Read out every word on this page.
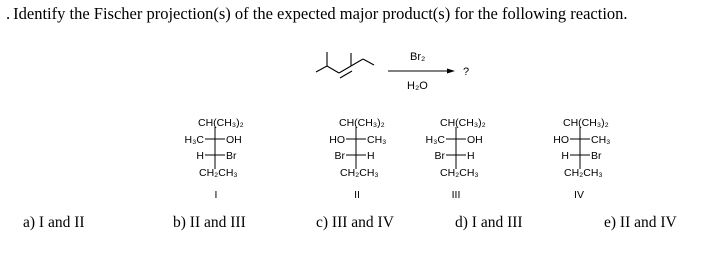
. Identify the Fischer projection(s) of the expected major product(s) for the following reaction.
Br₂
H₂O
?
CH(CH₃)₂
H₃C OH
H Br
CH₂CH₃
I
CH(CH₃)₂
HO CH₃
Br H
CH₂CH₃
II
CH(CH₃)₂
H₃C OH
Br H
CH₂CH₃
III
CH(CH₃)₂
HO CH₃
H Br
CH₂CH₃
IV
a) I and II	b) II and III	c) III and IV	d) I and III	e) II and IV
